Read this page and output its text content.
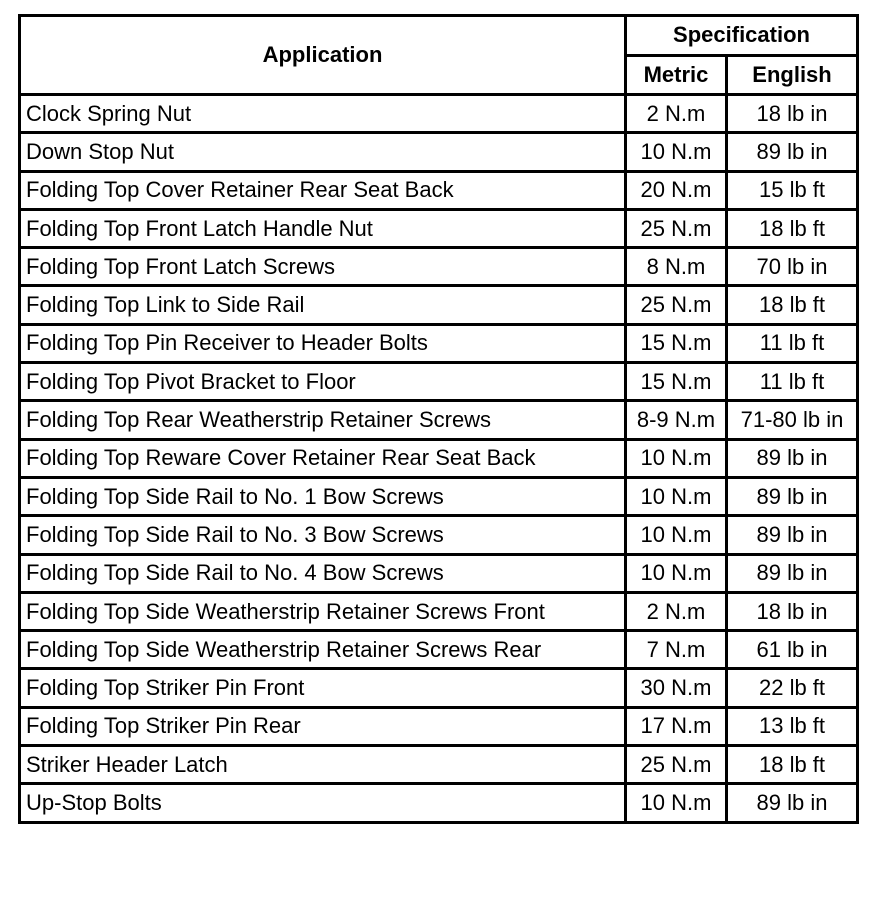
Application	Specification	
	Metric	English
Clock Spring Nut	2 N.m	18 lb in
Down Stop Nut	10 N.m	89 lb in
Folding Top Cover Retainer Rear Seat Back	20 N.m	15 lb ft
Folding Top Front Latch Handle Nut	25 N.m	18 lb ft
Folding Top Front Latch Screws	8 N.m	70 lb in
Folding Top Link to Side Rail	25 N.m	18 lb ft
Folding Top Pin Receiver to Header Bolts	15 N.m	11 lb ft
Folding Top Pivot Bracket to Floor	15 N.m	11 lb ft
Folding Top Rear Weatherstrip Retainer Screws	8-9 N.m	71-80 lb in
Folding Top Reware Cover Retainer Rear Seat Back	10 N.m	89 lb in
Folding Top Side Rail to No. 1 Bow Screws	10 N.m	89 lb in
Folding Top Side Rail to No. 3 Bow Screws	10 N.m	89 lb in
Folding Top Side Rail to No. 4 Bow Screws	10 N.m	89 lb in
Folding Top Side Weatherstrip Retainer Screws Front	2 N.m	18 lb in
Folding Top Side Weatherstrip Retainer Screws Rear	7 N.m	61 lb in
Folding Top Striker Pin Front	30 N.m	22 lb ft
Folding Top Striker Pin Rear	17 N.m	13 lb ft
Striker Header Latch	25 N.m	18 lb ft
Up-Stop Bolts	10 N.m	89 lb in
